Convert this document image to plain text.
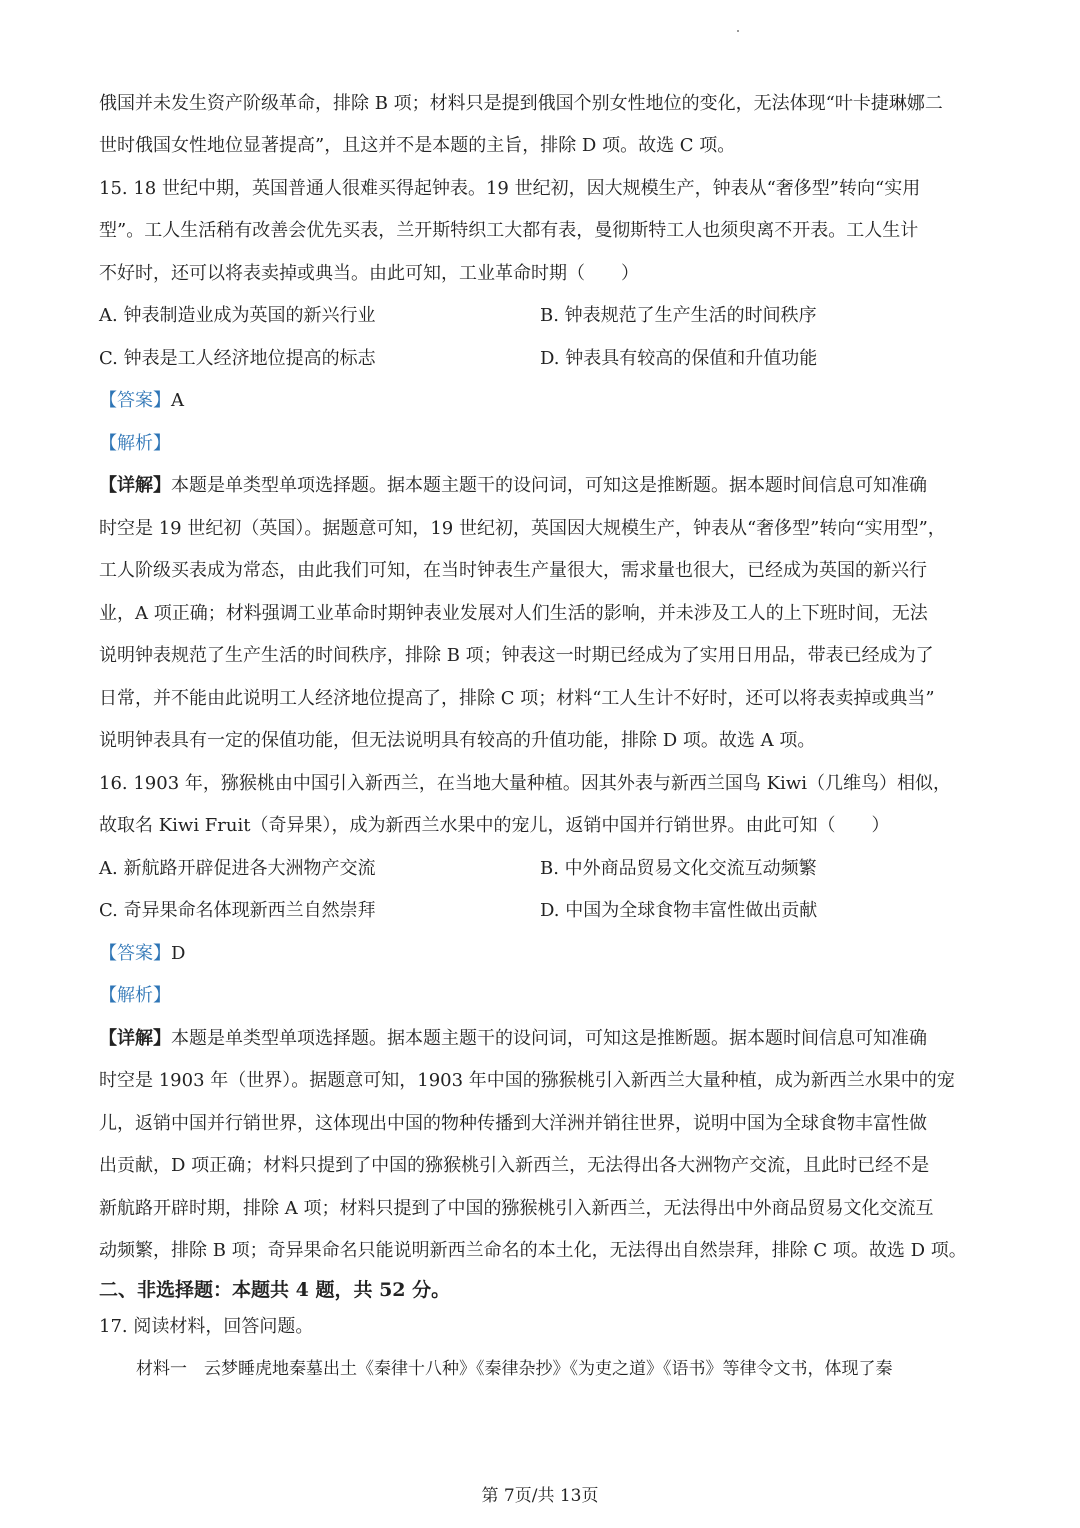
俄国并未发生资产阶级革命，排除 B 项；材料只是提到俄国个别女性地位的变化，无法体现“叶卡捷琳娜二
世时俄国女性地位显著提高”，且这并不是本题的主旨，排除 D 项。故选 C 项。
15. 18 世纪中期，英国普通人很难买得起钟表。19 世纪初，因大规模生产，钟表从“奢侈型”转向“实用
型”。工人生活稍有改善会优先买表，兰开斯特织工大都有表，曼彻斯特工人也须臾离不开表。工人生计
不好时，还可以将表卖掉或典当。由此可知，工业革命时期（　　）
A. 钟表制造业成为英国的新兴行业	B. 钟表规范了生产生活的时间秩序
C. 钟表是工人经济地位提高的标志	D. 钟表具有较高的保值和升值功能
【答案】A
【解析】
【详解】本题是单类型单项选择题。据本题主题干的设问词，可知这是推断题。据本题时间信息可知准确
时空是 19 世纪初（英国）。据题意可知，19 世纪初，英国因大规模生产，钟表从“奢侈型”转向“实用型”，
工人阶级买表成为常态，由此我们可知，在当时钟表生产量很大，需求量也很大，已经成为英国的新兴行
业，A 项正确；材料强调工业革命时期钟表业发展对人们生活的影响，并未涉及工人的上下班时间，无法
说明钟表规范了生产生活的时间秩序，排除 B 项；钟表这一时期已经成为了实用日用品，带表已经成为了
日常，并不能由此说明工人经济地位提高了，排除 C 项；材料“工人生计不好时，还可以将表卖掉或典当”
说明钟表具有一定的保值功能，但无法说明具有较高的升值功能，排除 D 项。故选 A 项。
16. 1903 年，猕猴桃由中国引入新西兰，在当地大量种植。因其外表与新西兰国鸟 Kiwi（几维鸟）相似，
故取名 Kiwi Fruit（奇异果），成为新西兰水果中的宠儿，返销中国并行销世界。由此可知（　　）
A. 新航路开辟促进各大洲物产交流	B. 中外商品贸易文化交流互动频繁
C. 奇异果命名体现新西兰自然崇拜	D. 中国为全球食物丰富性做出贡献
【答案】D
【解析】
【详解】本题是单类型单项选择题。据本题主题干的设问词，可知这是推断题。据本题时间信息可知准确
时空是 1903 年（世界）。据题意可知，1903 年中国的猕猴桃引入新西兰大量种植，成为新西兰水果中的宠
儿，返销中国并行销世界，这体现出中国的物种传播到大洋洲并销往世界，说明中国为全球食物丰富性做
出贡献，D 项正确；材料只提到了中国的猕猴桃引入新西兰，无法得出各大洲物产交流，且此时已经不是
新航路开辟时期，排除 A 项；材料只提到了中国的猕猴桃引入新西兰，无法得出中外商品贸易文化交流互
动频繁，排除 B 项；奇异果命名只能说明新西兰命名的本土化，无法得出自然崇拜，排除 C 项。故选 D 项。
二、非选择题：本题共 4 题，共 52 分。
17. 阅读材料，回答问题。
材料一　云梦睡虎地秦墓出土《秦律十八种》《秦律杂抄》《为吏之道》《语书》等律令文书，体现了秦
第 7页/共 13页
